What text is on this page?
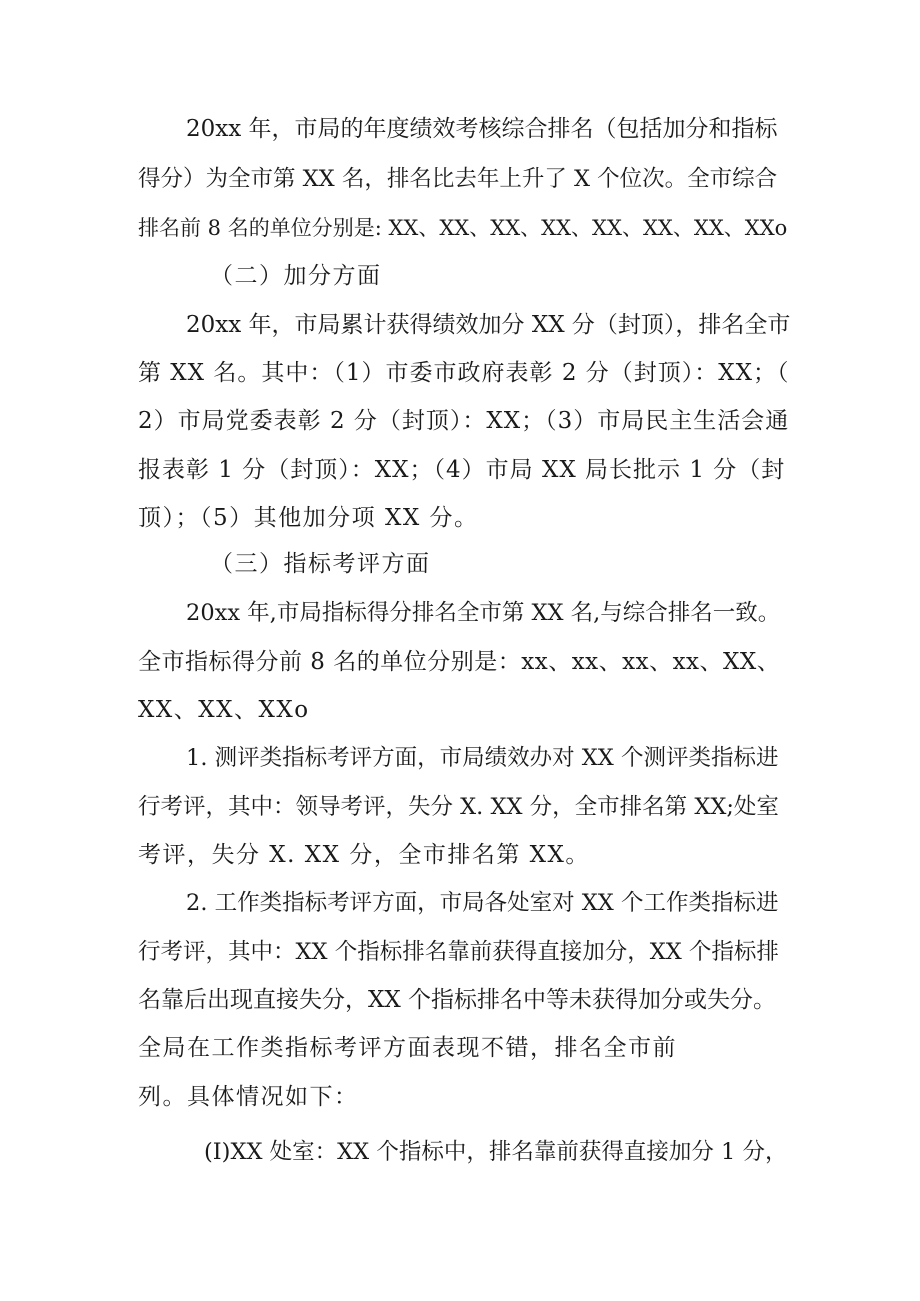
20xx 年，市局的年度绩效考核综合排名（包括加分和指标
得分）为全市第 XX 名，排名比去年上升了 X 个位次。全市综合
排名前 8 名的单位分别是: XX、XX、XX、XX、XX、XX、XX、XXo
（二）加分方面
20xx 年，市局累计获得绩效加分 XX 分（封顶），排名全市
第 XX 名。其中：（1）市委市政府表彰 2 分（封顶）：XX；（
2）市局党委表彰 2 分（封顶）：XX；（3）市局民主生活会通
报表彰 1 分（封顶）：XX；（4）市局 XX 局长批示 1 分（封
顶）；（5）其他加分项 XX 分。
（三）指标考评方面
20xx 年,市局指标得分排名全市第 XX 名,与综合排名一致。
全市指标得分前 8 名的单位分别是：xx、xx、xx、xx、XX、
XX、XX、XXo
1. 测评类指标考评方面，市局绩效办对 XX 个测评类指标进
行考评，其中：领导考评，失分 X. XX 分，全市排名第 XX;处室
考评，失分 X. XX 分，全市排名第 XX。
2. 工作类指标考评方面，市局各处室对 XX 个工作类指标进
行考评，其中：XX 个指标排名靠前获得直接加分，XX 个指标排
名靠后出现直接失分，XX 个指标排名中等未获得加分或失分。
全局在工作类指标考评方面表现不错，排名全市前
列。具体情况如下：
(I)XX 处室：XX 个指标中，排名靠前获得直接加分 1 分，
